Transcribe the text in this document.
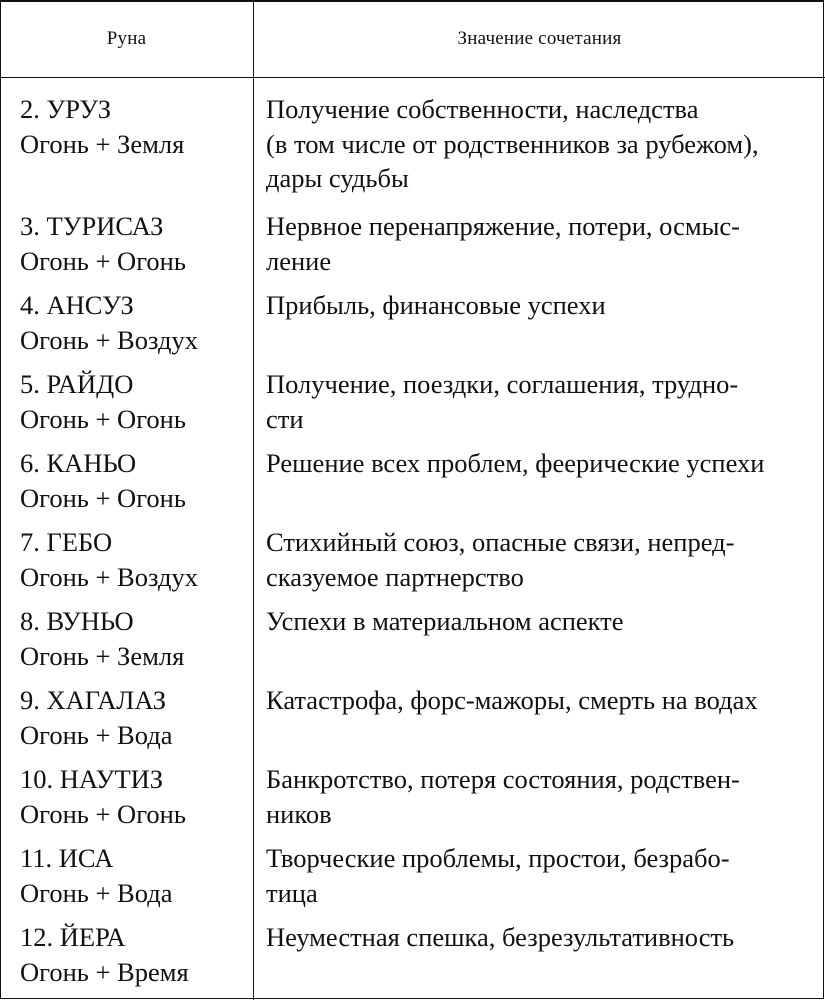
Руна	Значение сочетания
2. УРУЗ
Огонь + Земля
Получение собственности, наследства
(в том числе от родственников за рубежом),
дары судьбы
3. ТУРИСАЗ
Огонь + Огонь
Нервное перенапряжение, потери, осмыс-
ление
4. АНСУЗ
Огонь + Воздух
Прибыль, финансовые успехи
5. РАЙДО
Огонь + Огонь
Получение, поездки, соглашения, трудно-
сти
6. КАНЬО
Огонь + Огонь
Решение всех проблем, феерические успехи
7. ГЕБО
Огонь + Воздух
Стихийный союз, опасные связи, непред-
сказуемое партнерство
8. ВУНЬО
Огонь + Земля
Успехи в материальном аспекте
9. ХАГАЛАЗ
Огонь + Вода
Катастрофа, форс-мажоры, смерть на водах
10. НАУТИЗ
Огонь + Огонь
Банкротство, потеря состояния, родствен-
ников
11. ИСА
Огонь + Вода
Творческие проблемы, простои, безрабо-
тица
12. ЙЕРА
Огонь + Время
Неуместная спешка, безрезультативность
